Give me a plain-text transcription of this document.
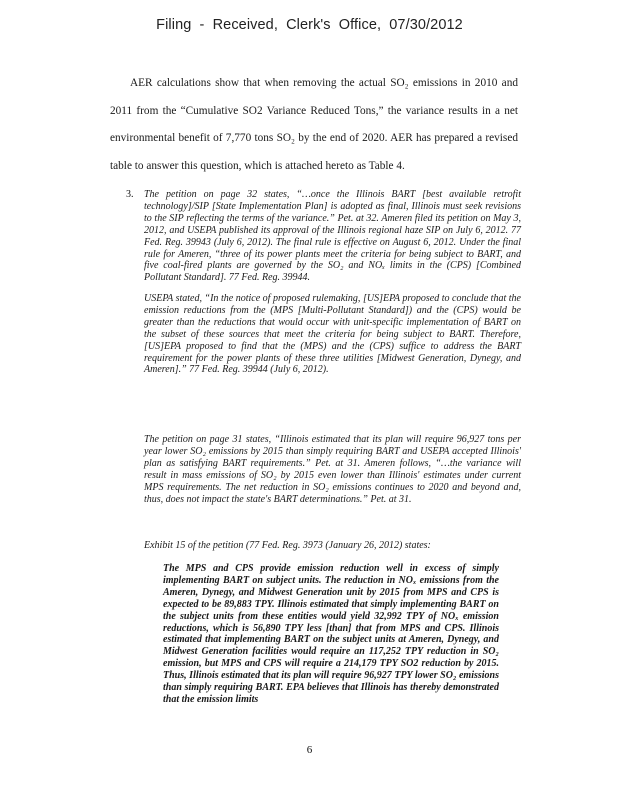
Filing - Received, Clerk's Office, 07/30/2012
AER calculations show that when removing the actual SO₂ emissions in 2010 and 2011 from the “Cumulative SO2 Variance Reduced Tons,” the variance results in a net environmental benefit of 7,770 tons SO₂ by the end of 2020. AER has prepared a revised table to answer this question, which is attached hereto as Table 4.
3. The petition on page 32 states, “…once the Illinois BART [best available retrofit technology]/SIP [State Implementation Plan] is adopted as final, Illinois must seek revisions to the SIP reflecting the terms of the variance.” Pet. at 32. Ameren filed its petition on May 3, 2012, and USEPA published its approval of the Illinois regional haze SIP on July 6, 2012. 77 Fed. Reg. 39943 (July 6, 2012). The final rule is effective on August 6, 2012. Under the final rule for Ameren, “three of its power plants meet the criteria for being subject to BART, and five coal-fired plants are governed by the SO₂ and NOₓ limits in the (CPS) [Combined Pollutant Standard]. 77 Fed. Reg. 39944.
USEPA stated, “In the notice of proposed rulemaking, [US]EPA proposed to conclude that the emission reductions from the (MPS [Multi-Pollutant Standard]) and the (CPS) would be greater than the reductions that would occur with unit-specific implementation of BART on the subset of these sources that meet the criteria for being subject to BART. Therefore, [US]EPA proposed to find that the (MPS) and the (CPS) suffice to address the BART requirement for the power plants of these three utilities [Midwest Generation, Dynegy, and Ameren].” 77 Fed. Reg. 39944 (July 6, 2012).
The petition on page 31 states, “Illinois estimated that its plan will require 96,927 tons per year lower SO₂ emissions by 2015 than simply requiring BART and USEPA accepted Illinois' plan as satisfying BART requirements.” Pet. at 31. Ameren follows, “…the variance will result in mass emissions of SO₂ by 2015 even lower than Illinois' estimates under current MPS requirements. The net reduction in SO₂ emissions continues to 2020 and beyond and, thus, does not impact the state's BART determinations.” Pet. at 31.
Exhibit 15 of the petition (77 Fed. Reg. 3973 (January 26, 2012) states:
The MPS and CPS provide emission reduction well in excess of simply implementing BART on subject units. The reduction in NOₓ emissions from the Ameren, Dynegy, and Midwest Generation unit by 2015 from MPS and CPS is expected to be 89,883 TPY. Illinois estimated that simply implementing BART on the subject units from these entities would yield 32,992 TPY of NOₓ emission reductions, which is 56,890 TPY less [than] that from MPS and CPS. Illinois estimated that implementing BART on the subject units at Ameren, Dynegy, and Midwest Generation facilities would require an 117,252 TPY reduction in SO₂ emission, but MPS and CPS will require a 214,179 TPY SO2 reduction by 2015. Thus, Illinois estimated that its plan will require 96,927 TPY lower SO₂ emissions than simply requiring BART. EPA believes that Illinois has thereby demonstrated that the emission limits
6
